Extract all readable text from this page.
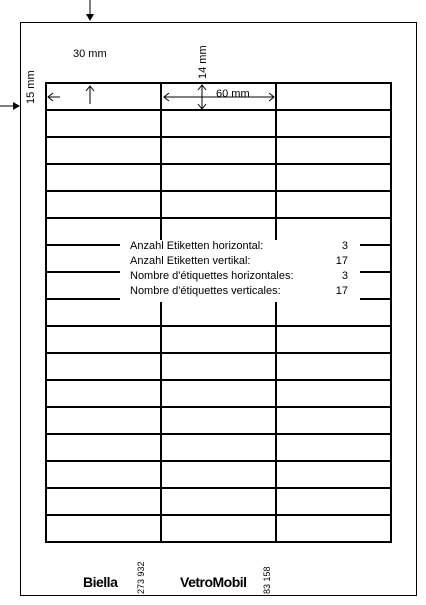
30 mm	14 mm
60 mm
15 mm
Anzahl Etiketten horizontal:	3
Anzahl Etiketten vertikal:	17
Nombre d'étiquettes horizontales:	3
Nombre d'étiquettes verticales:	17
Biella 273 932 VetroMobil 83 158
